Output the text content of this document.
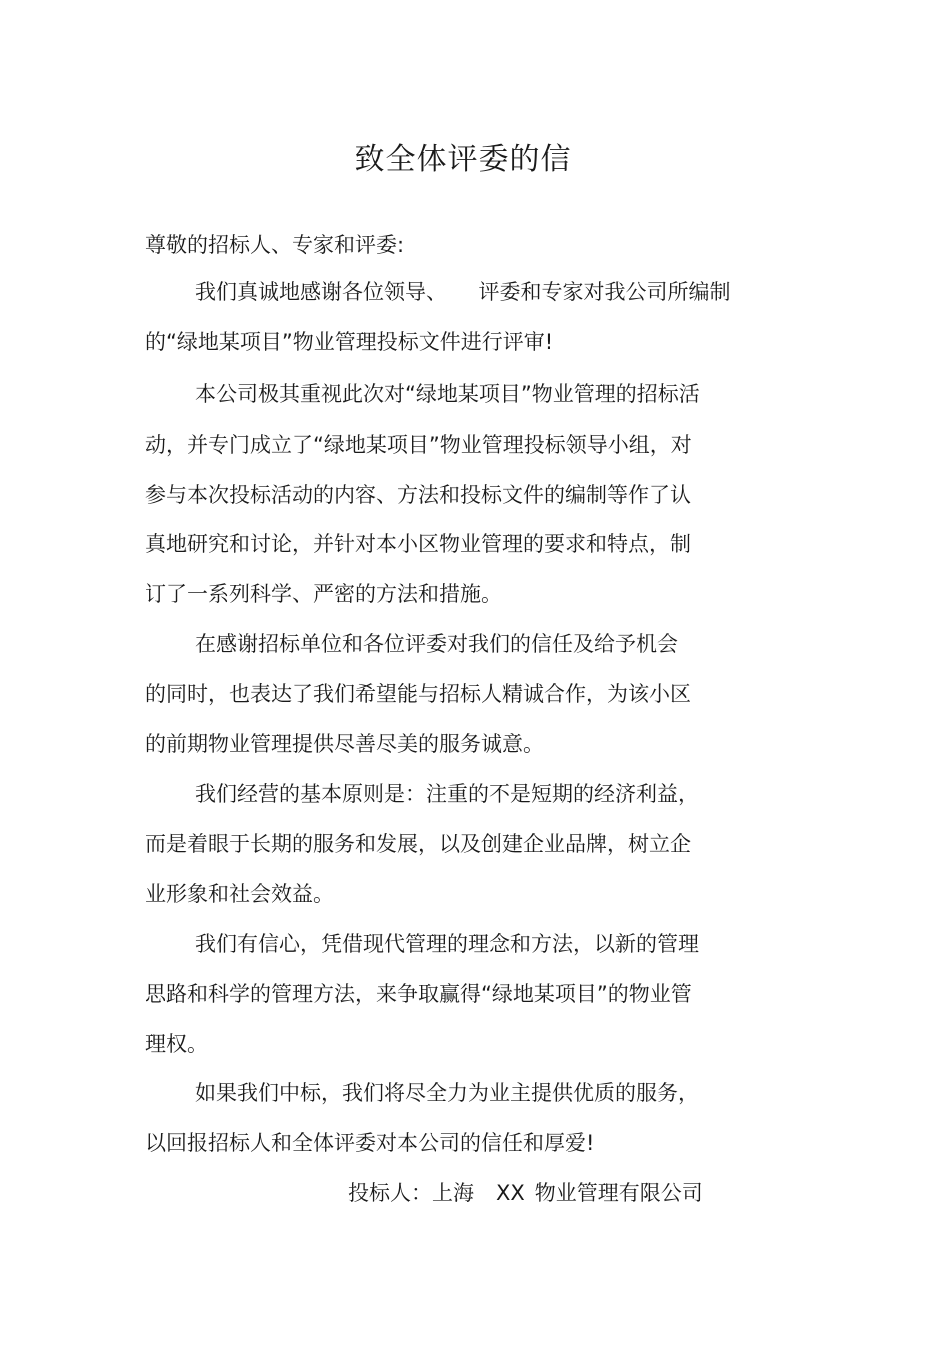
致全体评委的信
尊敬的招标人、专家和评委:
我们真诚地感谢各位领导、　　评委和专家对我公司所编制
的“绿地某项目”物业管理投标文件进行评审!
本公司极其重视此次对“绿地某项目”物业管理的招标活
动，并专门成立了“绿地某项目”物业管理投标领导小组，对
参与本次投标活动的内容、方法和投标文件的编制等作了认
真地研究和讨论，并针对本小区物业管理的要求和特点，制
订了一系列科学、严密的方法和措施。
在感谢招标单位和各位评委对我们的信任及给予机会
的同时，也表达了我们希望能与招标人精诚合作，为该小区
的前期物业管理提供尽善尽美的服务诚意。
我们经营的基本原则是：注重的不是短期的经济利益，
而是着眼于长期的服务和发展，以及创建企业品牌，树立企
业形象和社会效益。
我们有信心，凭借现代管理的理念和方法，以新的管理
思路和科学的管理方法，来争取赢得“绿地某项目”的物业管
理权。
如果我们中标，我们将尽全力为业主提供优质的服务，
以回报招标人和全体评委对本公司的信任和厚爱!
投标人：上海 XX 物业管理有限公司
